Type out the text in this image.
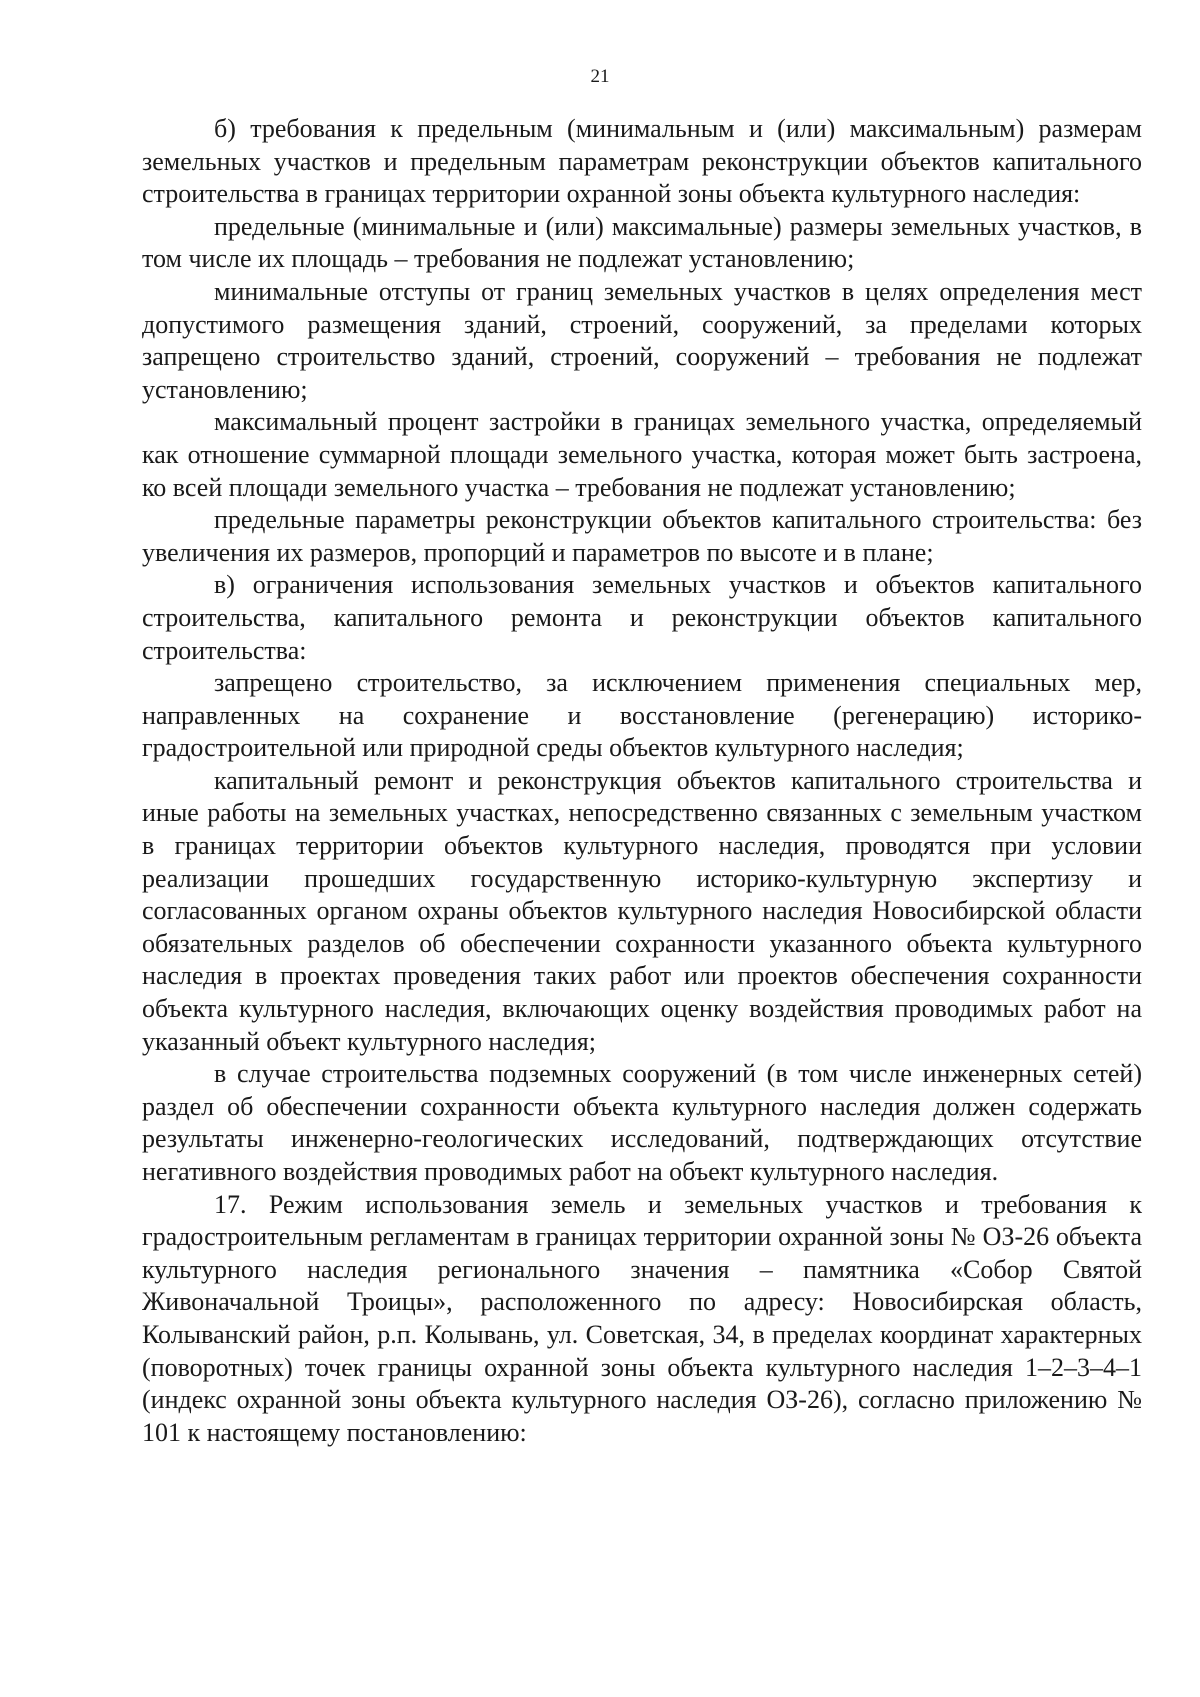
21

б) требования к предельным (минимальным и (или) максимальным) размерам земельных участков и предельным параметрам реконструкции объектов капитального строительства в границах территории охранной зоны объекта культурного наследия:

предельные (минимальные и (или) максимальные) размеры земельных участков, в том числе их площадь – требования не подлежат установлению;

минимальные отступы от границ земельных участков в целях определения мест допустимого размещения зданий, строений, сооружений, за пределами которых запрещено строительство зданий, строений, сооружений – требования не подлежат установлению;

максимальный процент застройки в границах земельного участка, определяемый как отношение суммарной площади земельного участка, которая может быть застроена, ко всей площади земельного участка – требования не подлежат установлению;

предельные параметры реконструкции объектов капитального строительства: без увеличения их размеров, пропорций и параметров по высоте и в плане;

в) ограничения использования земельных участков и объектов капитального строительства, капитального ремонта и реконструкции объектов капитального строительства:

запрещено строительство, за исключением применения специальных мер, направленных на сохранение и восстановление (регенерацию) историко-градостроительной или природной среды объектов культурного наследия;

капитальный ремонт и реконструкция объектов капитального строительства и иные работы на земельных участках, непосредственно связанных с земельным участком в границах территории объектов культурного наследия, проводятся при условии реализации прошедших государственную историко-культурную экспертизу и согласованных органом охраны объектов культурного наследия Новосибирской области обязательных разделов об обеспечении сохранности указанного объекта культурного наследия в проектах проведения таких работ или проектов обеспечения сохранности объекта культурного наследия, включающих оценку воздействия проводимых работ на указанный объект культурного наследия;

в случае строительства подземных сооружений (в том числе инженерных сетей) раздел об обеспечении сохранности объекта культурного наследия должен содержать результаты инженерно-геологических исследований, подтверждающих отсутствие негативного воздействия проводимых работ на объект культурного наследия.

17. Режим использования земель и земельных участков и требования к градостроительным регламентам в границах территории охранной зоны № ОЗ-26 объекта культурного наследия регионального значения – памятника «Собор Святой Живоначальной Троицы», расположенного по адресу: Новосибирская область, Колыванский район, р.п. Колывань, ул. Советская, 34, в пределах координат характерных (поворотных) точек границы охранной зоны объекта культурного наследия 1–2–3–4–1 (индекс охранной зоны объекта культурного наследия ОЗ-26), согласно приложению № 101 к настоящему постановлению:
